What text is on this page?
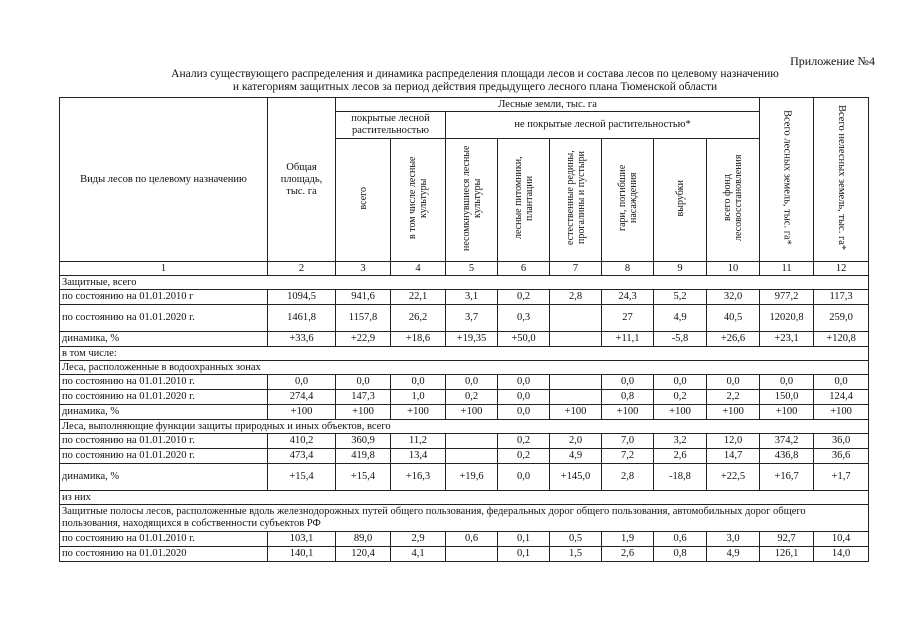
Приложение №4
Анализ существующего распределения и динамика распределения площади лесов и состава лесов по целевому назначению
и категориям защитных лесов за период действия предыдущего лесного плана Тюменской области
Виды лесов по целевому назначению	Общая площадь, тыс. га	Лесные земли, тыс. га								Всего лесных земель, тыс. га*	Всего нелесных земель, тыс. га*
		покрытые лесной растительностью		не покрытые лесной растительностью*							
		всего	в том числе лесные культуры	несомкнувшиеся лесные культуры	лесные питомники, плантации	естественные редины, прогалины и пустыри	гари, погибшие насаждения	вырубки	всего фонд лесовосстановления		
1	2	3	4	5	6	7	8	9	10	11	12
Защитные, всего											
по состоянию на 01.01.2010 г	1094,5	941,6	22,1	3,1	0,2	2,8	24,3	5,2	32,0	977,2	117,3
по состоянию на 01.01.2020 г.	1461,8	1157,8	26,2	3,7	0,3		27	4,9	40,5	12020,8	259,0
динамика, %	+33,6	+22,9	+18,6	+19,35	+50,0		+11,1	-5,8	+26,6	+23,1	+120,8
в том числе:											
Леса, расположенные в водоохранных зонах											
по состоянию на 01.01.2010 г.	0,0	0,0	0,0	0,0	0,0		0,0	0,0	0,0	0,0	0,0
по состоянию на 01.01.2020 г.	274,4	147,3	1,0	0,2	0,0		0,8	0,2	2,2	150,0	124,4
динамика, %	+100	+100	+100	+100	0,0	+100	+100	+100	+100	+100	+100
Леса, выполняющие функции защиты природных и иных объектов, всего											
по состоянию на 01.01.2010 г.	410,2	360,9	11,2		0,2	2,0	7,0	3,2	12,0	374,2	36,0
по состоянию на 01.01.2020 г.	473,4	419,8	13,4		0,2	4,9	7,2	2,6	14,7	436,8	36,6
динамика, %	+15,4	+15,4	+16,3	+19,6	0,0	+145,0	2,8	-18,8	+22,5	+16,7	+1,7
из них											
Защитные полосы лесов, расположенные вдоль железнодорожных путей общего пользования, федеральных дорог общего пользования, автомобильных дорог общего пользования, находящихся в собственности субъектов РФ											
по состоянию на 01.01.2010 г.	103,1	89,0	2,9	0,6	0,1	0,5	1,9	0,6	3,0	92,7	10,4
по состоянию на 01.01.2020	140,1	120,4	4,1		0,1	1,5	2,6	0,8	4,9	126,1	14,0
